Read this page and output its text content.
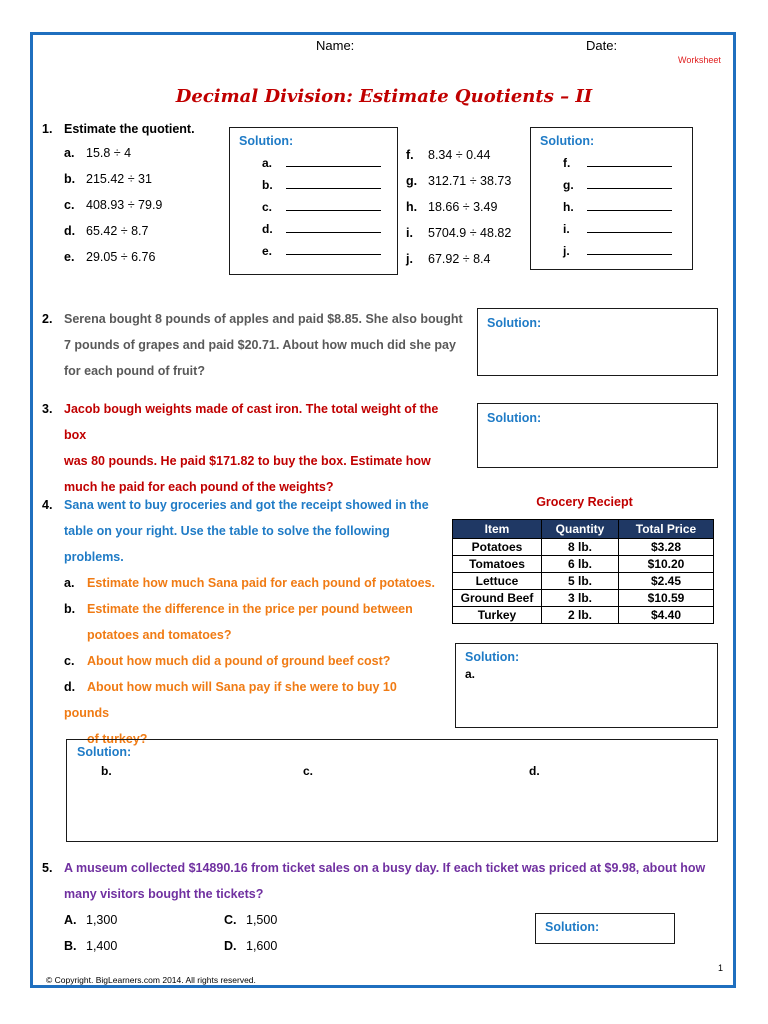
Name:	Date:
Worksheet
Decimal Division: Estimate Quotients – II
1. Estimate the quotient.
a. 15.8 ÷ 4
b. 215.42 ÷ 31
c. 408.93 ÷ 79.9
d. 65.42 ÷ 8.7
e. 29.05 ÷ 6.76
Solution:
a.
b.
c.
d.
e.
f. 8.34 ÷ 0.44
g. 312.71 ÷ 38.73
h. 18.66 ÷ 3.49
i. 5704.9 ÷ 48.82
j. 67.92 ÷ 8.4
Solution:
f.
g.
h.
i.
j.
2. Serena bought 8 pounds of apples and paid $8.85. She also bought
7 pounds of grapes and paid $20.71. About how much did she pay
for each pound of fruit?
Solution:
3. Jacob bough weights made of cast iron. The total weight of the box
was 80 pounds. He paid $171.82 to buy the box. Estimate how
much he paid for each pound of the weights?
Solution:
4. Sana went to buy groceries and got the receipt showed in the
table on your right. Use the table to solve the following
problems.
a. Estimate how much Sana paid for each pound of potatoes.
b. Estimate the difference in the price per pound between
potatoes and tomatoes?
c. About how much did a pound of ground beef cost?
d. About how much will Sana pay if she were to buy 10 pounds
of turkey?
Grocery Reciept
Item	Quantity	Total Price
Potatoes	8 lb.	$3.28
Tomatoes	6 lb.	$10.20
Lettuce	5 lb.	$2.45
Ground Beef	3 lb.	$10.59
Turkey	2 lb.	$4.40
Solution:
a.
Solution:
b.	c.	d.
5. A museum collected $14890.16 from ticket sales on a busy day. If each ticket was priced at $9.98, about how
many visitors bought the tickets?
A. 1,300
B. 1,400
C. 1,500
D. 1,600
Solution:
1
© Copyright. BigLearners.com 2014. All rights reserved.
